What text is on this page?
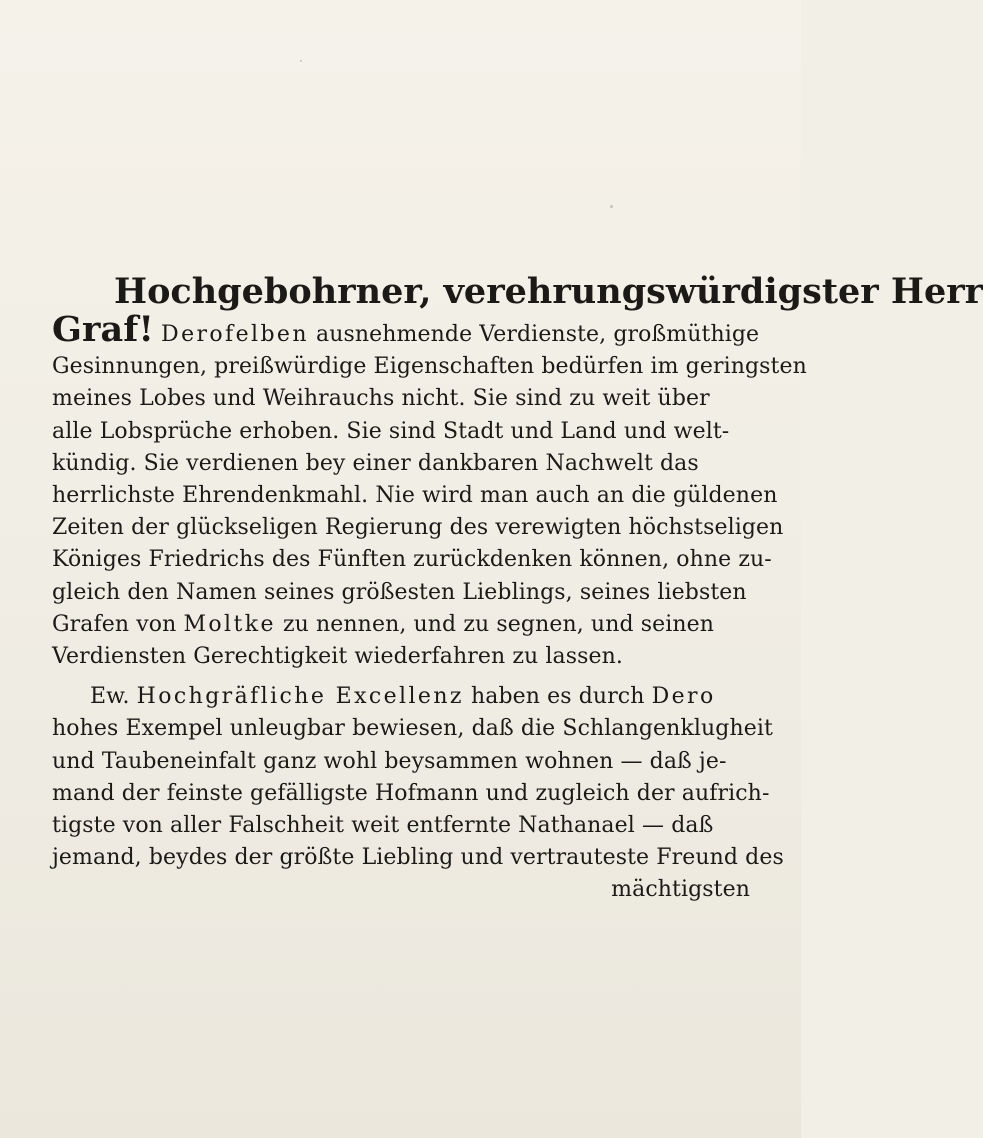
Hochgebohrner, verehrungswürdigster Herr
Graf! Derofelben ausnehmende Verdienste, großmüthige
Gesinnungen, preißwürdige Eigenschaften bedürfen im geringsten
meines Lobes und Weihrauchs nicht. Sie sind zu weit über
alle Lobsprüche erhoben. Sie sind Stadt und Land und welt-
kündig. Sie verdienen bey einer dankbaren Nachwelt das
herrlichste Ehrendenkmahl. Nie wird man auch an die güldenen
Zeiten der glückseligen Regierung des verewigten höchstseligen
Königes Friedrichs des Fünften zurückdenken können, ohne zu-
gleich den Namen seines größesten Lieblings, seines liebsten
Grafen von Moltke zu nennen, und zu segnen, und seinen
Verdiensten Gerechtigkeit wiederfahren zu lassen.
Ew. Hochgräfliche Excellenz haben es durch Dero
hohes Exempel unleugbar bewiesen, daß die Schlangenklugheit
und Taubeneinfalt ganz wohl beysammen wohnen — daß je-
mand der feinste gefälligste Hofmann und zugleich der aufrich-
tigste von aller Falschheit weit entfernte Nathanael — daß
jemand, beydes der größte Liebling und vertrauteste Freund des
mächtigsten
